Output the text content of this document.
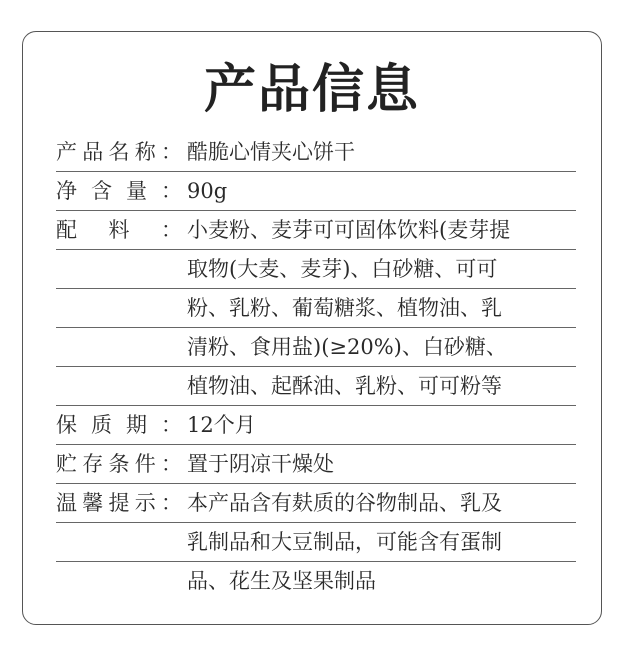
产品信息
产 品 名 称 ： 酷脆心情夹心饼干
净 含 量 ： 90g
配 料 ： 小麦粉、麦芽可可固体饮料(麦芽提
取物(大麦、麦芽)、白砂糖、可可
粉、乳粉、葡萄糖浆、植物油、乳
清粉、食用盐)(≥20%)、白砂糖、
植物油、起酥油、乳粉、可可粉等
保 质 期 ： 12个月
贮 存 条 件 ： 置于阴凉干燥处
温 馨 提 示 ： 本产品含有麸质的谷物制品、乳及
乳制品和大豆制品，可能含有蛋制
品、花生及坚果制品
